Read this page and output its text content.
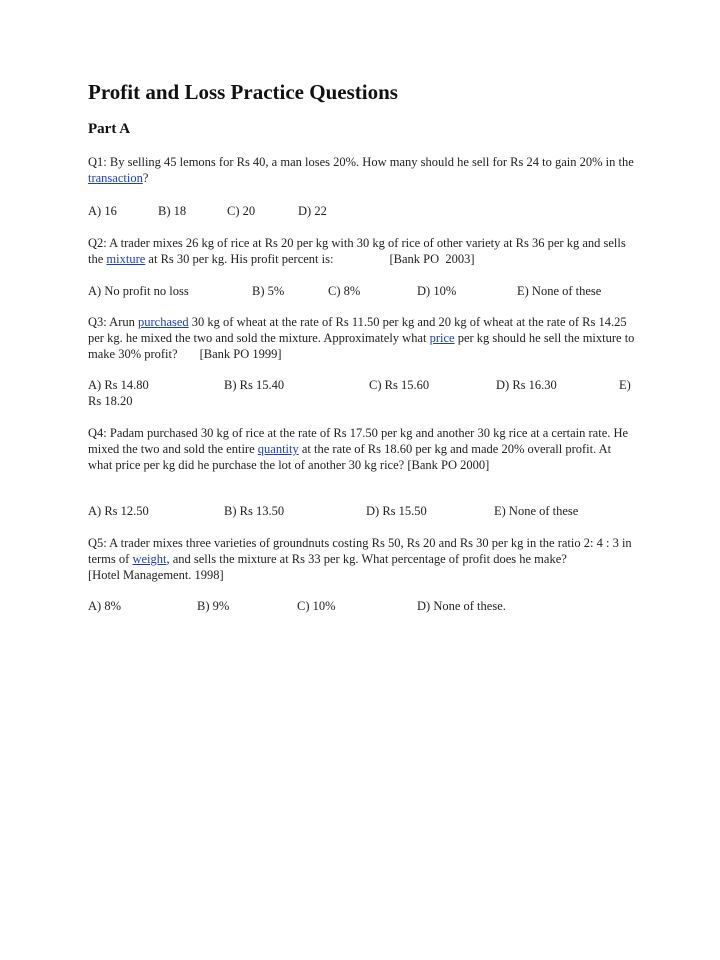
Profit and Loss Practice Questions
Part A
Q1: By selling 45 lemons for Rs 40, a man loses 20%. How many should he sell for Rs 24 to gain 20% in the transaction?
A) 16	B) 18	C) 20	D) 22
Q2: A trader mixes 26 kg of rice at Rs 20 per kg with 30 kg of rice of other variety at Rs 36 per kg and sells the mixture at Rs 30 per kg. His profit percent is:	[Bank PO  2003]
A) No profit no loss	B) 5%	C) 8%	D) 10%	E) None of these
Q3: Arun purchased 30 kg of wheat at the rate of Rs 11.50 per kg and 20 kg of wheat at the rate of Rs 14.25 per kg. he mixed the two and sold the mixture. Approximately what price per kg should he sell the mixture to make 30% profit? [Bank PO 1999]
A) Rs 14.80	B) Rs 15.40	C) Rs 15.60	D) Rs 16.30	E)
Rs 18.20
Q4: Padam purchased 30 kg of rice at the rate of Rs 17.50 per kg and another 30 kg rice at a certain rate. He mixed the two and sold the entire quantity at the rate of Rs 18.60 per kg and made 20% overall profit. At what price per kg did he purchase the lot of another 30 kg rice? [Bank PO 2000]
A) Rs 12.50	B) Rs 13.50	D) Rs 15.50	E) None of these
Q5: A trader mixes three varieties of groundnuts costing Rs 50, Rs 20 and Rs 30 per kg in the ratio 2: 4 : 3 in terms of weight, and sells the mixture at Rs 33 per kg. What percentage of profit does he make?[Hotel Management. 1998]
A) 8%	B) 9%	C) 10%	D) None of these.
